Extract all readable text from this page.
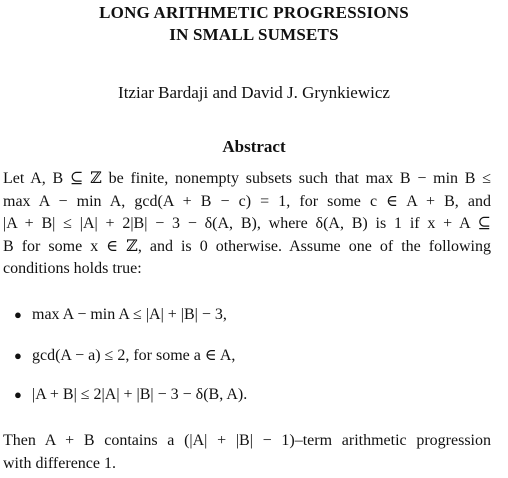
LONG ARITHMETIC PROGRESSIONS
IN SMALL SUMSETS
Itziar Bardaji and David J. Grynkiewicz
Abstract
Let A, B ⊆ ℤ be finite, nonempty subsets such that max B − min B ≤
max A − min A, gcd(A + B − c) = 1, for some c ∈ A + B, and
|A + B| ≤ |A| + 2|B| − 3 − δ(A, B), where δ(A, B) is 1 if x + A ⊆
B for some x ∈ ℤ, and is 0 otherwise. Assume one of the following
conditions holds true:
● max A − min A ≤ |A| + |B| − 3,
● gcd(A − a) ≤ 2, for some a ∈ A,
● |A + B| ≤ 2|A| + |B| − 3 − δ(B, A).
Then A + B contains a (|A| + |B| − 1)–term arithmetic progression
with difference 1.
